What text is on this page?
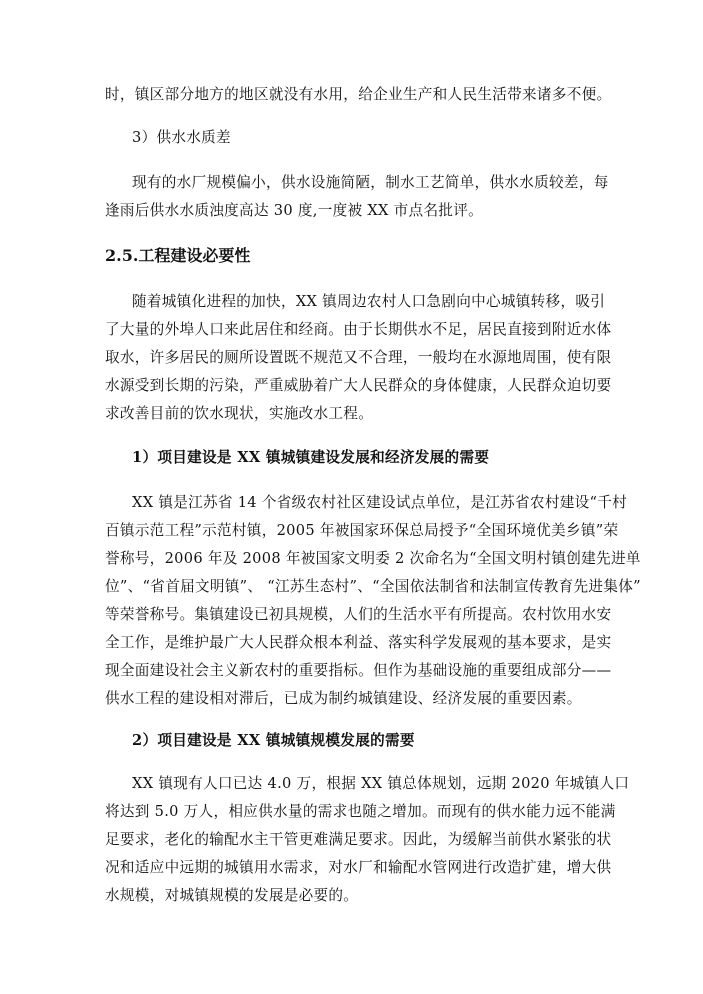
时，镇区部分地方的地区就没有水用，给企业生产和人民生活带来诸多不便。
3）供水水质差
现有的水厂规模偏小，供水设施简陋，制水工艺简单，供水水质较差，每
逢雨后供水水质浊度高达 30 度,一度被 XX 市点名批评。
2.5.工程建设必要性
随着城镇化进程的加快，XX 镇周边农村人口急剧向中心城镇转移，吸引
了大量的外埠人口来此居住和经商。由于长期供水不足，居民直接到附近水体
取水，许多居民的厕所设置既不规范又不合理，一般均在水源地周围，使有限
水源受到长期的污染，严重威胁着广大人民群众的身体健康，人民群众迫切要
求改善目前的饮水现状，实施改水工程。
1）项目建设是 XX 镇城镇建设发展和经济发展的需要
XX 镇是江苏省 14 个省级农村社区建设试点单位，是江苏省农村建设“千村
百镇示范工程”示范村镇，2005 年被国家环保总局授予“全国环境优美乡镇”荣
誉称号，2006 年及 2008 年被国家文明委 2 次命名为“全国文明村镇创建先进单
位”、“省首届文明镇”、 “江苏生态村”、“全国依法制省和法制宣传教育先进集体”
等荣誉称号。集镇建设已初具规模，人们的生活水平有所提高。农村饮用水安
全工作，是维护最广大人民群众根本利益、落实科学发展观的基本要求，是实
现全面建设社会主义新农村的重要指标。但作为基础设施的重要组成部分——
供水工程的建设相对滞后，已成为制约城镇建设、经济发展的重要因素。
2）项目建设是 XX 镇城镇规模发展的需要
XX 镇现有人口已达 4.0 万，根据 XX 镇总体规划，远期 2020 年城镇人口
将达到 5.0 万人，相应供水量的需求也随之增加。而现有的供水能力远不能满
足要求，老化的输配水主干管更难满足要求。因此，为缓解当前供水紧张的状
况和适应中远期的城镇用水需求，对水厂和输配水管网进行改造扩建，增大供
水规模，对城镇规模的发展是必要的。
